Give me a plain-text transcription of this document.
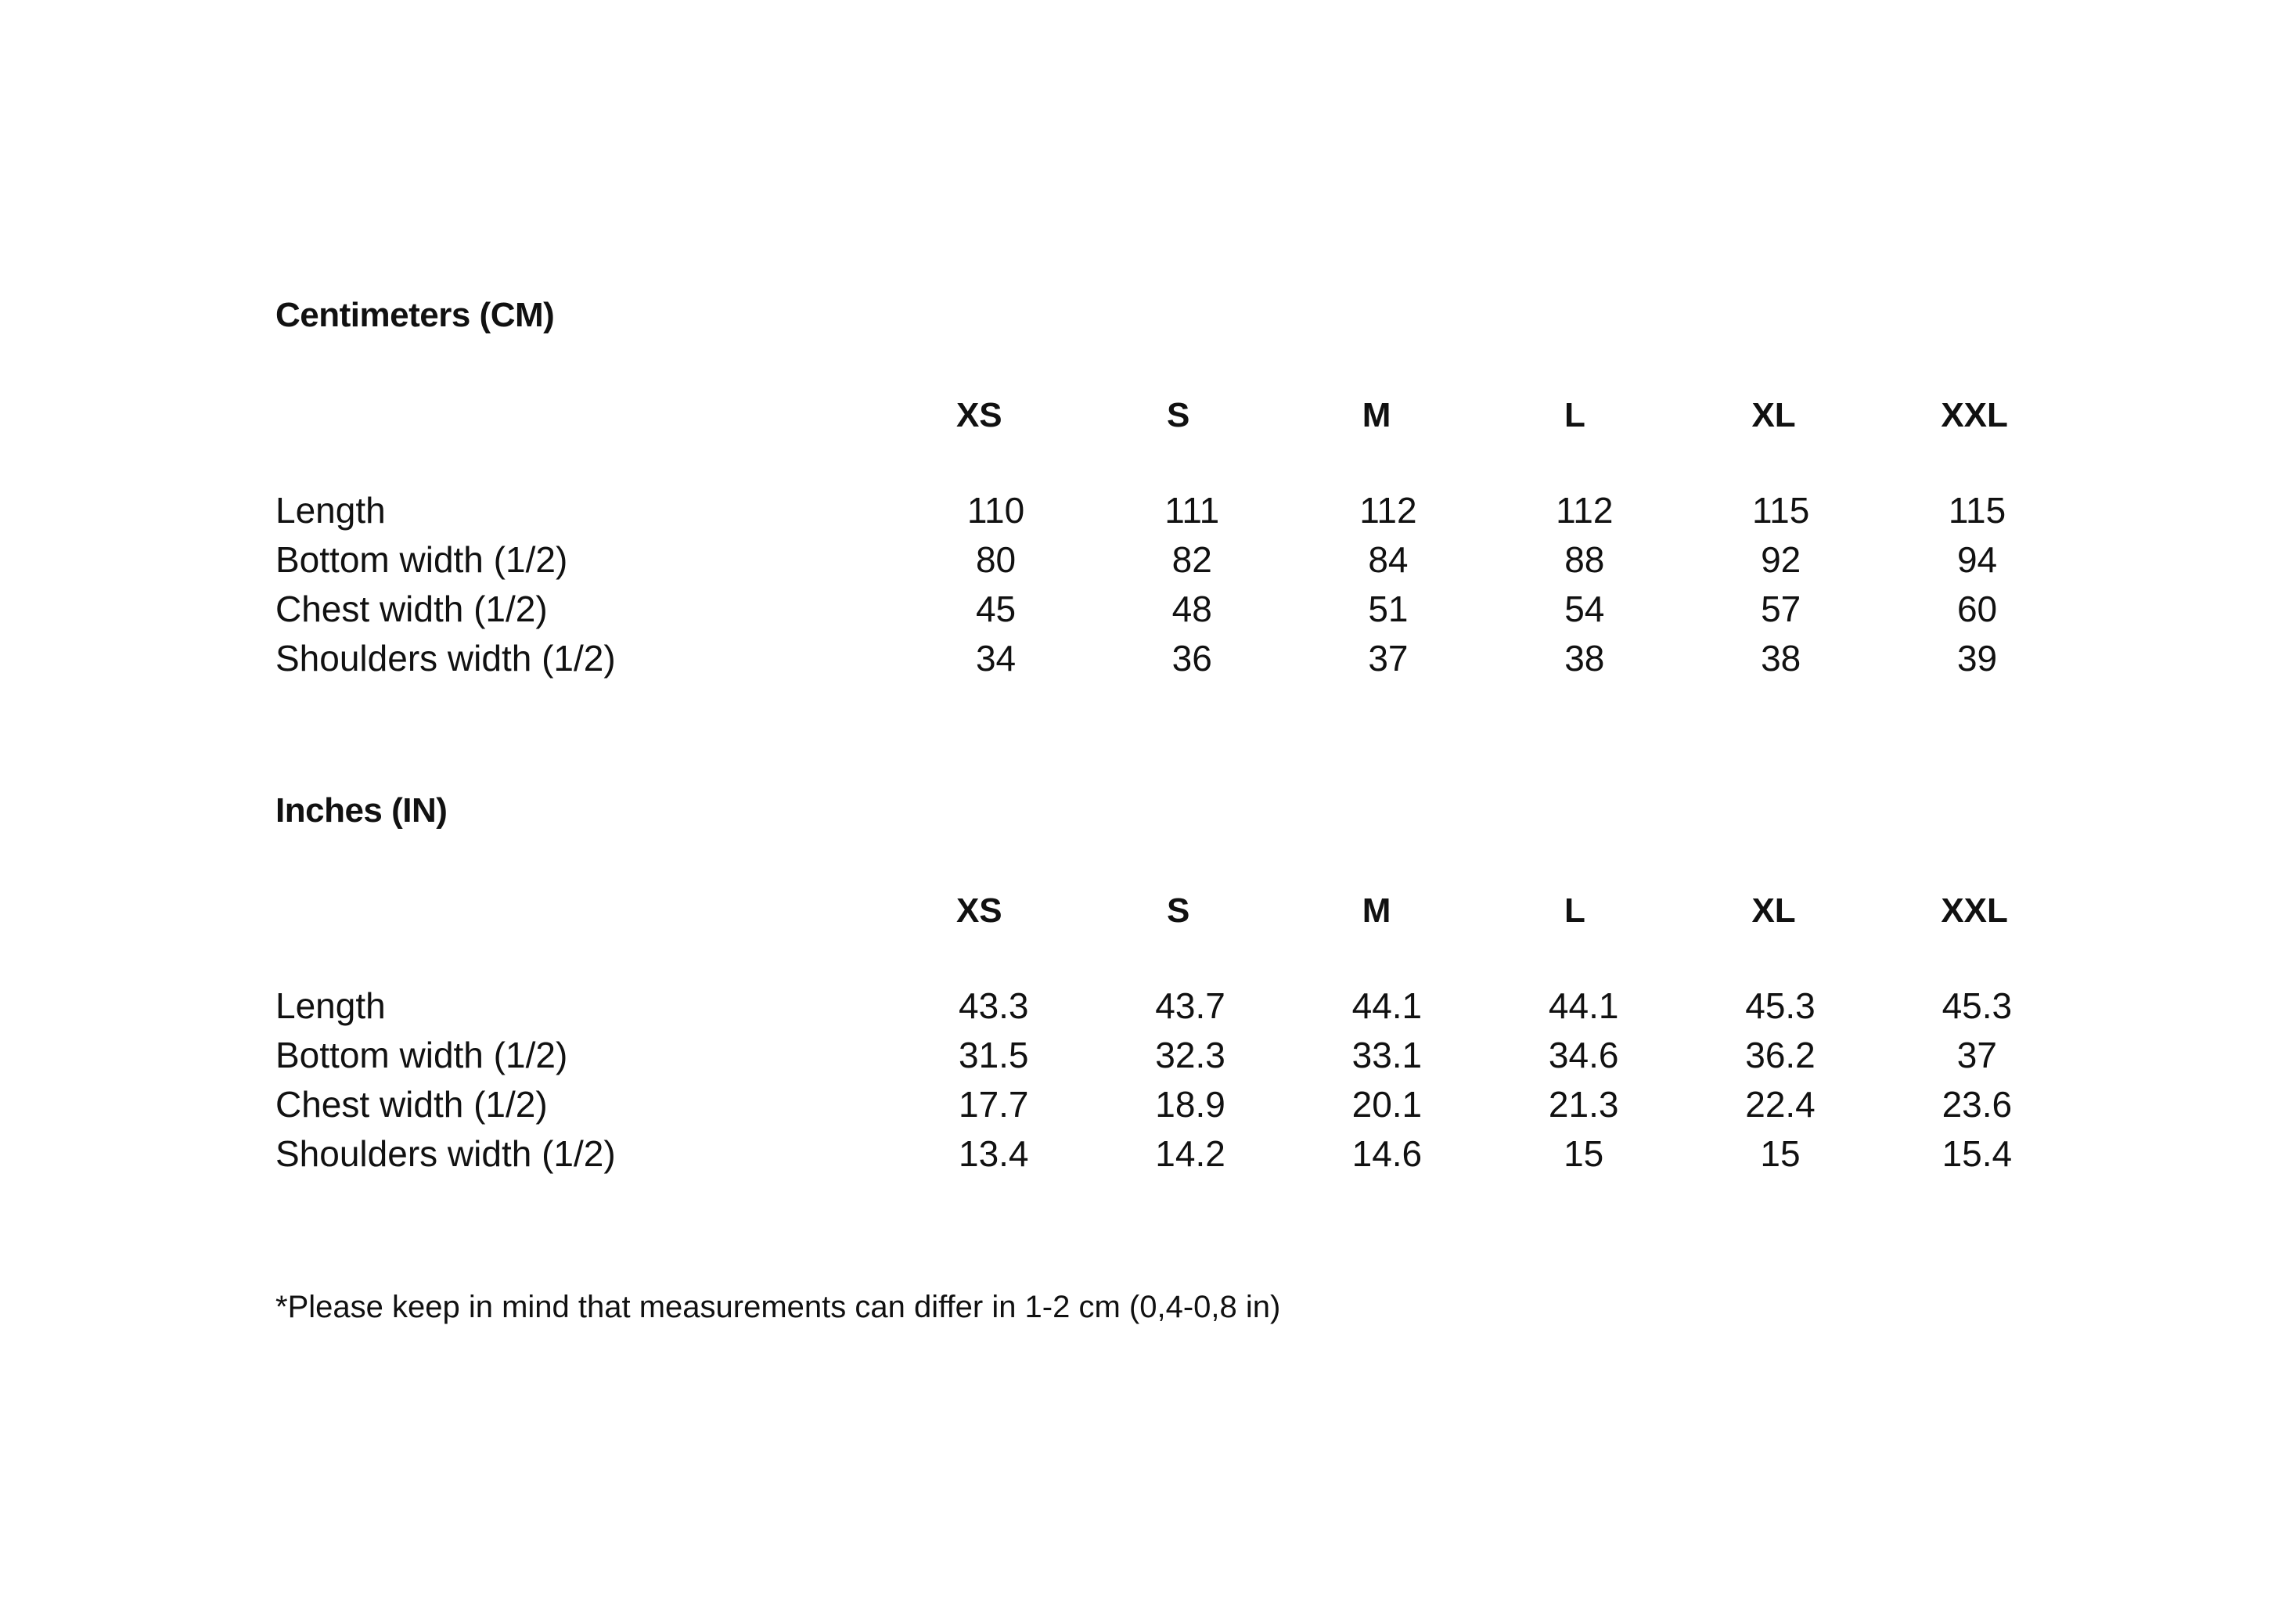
Centimeters (CM)
	XS	S	M	L	XL	XXL
Length	110	111	112	112	115	115
Bottom width (1/2)	80	82	84	88	92	94
Chest width (1/2)	45	48	51	54	57	60
Shoulders width (1/2)	34	36	37	38	38	39
Inches (IN)
	XS	S	M	L	XL	XXL
Length	43.3	43.7	44.1	44.1	45.3	45.3
Bottom width (1/2)	31.5	32.3	33.1	34.6	36.2	37
Chest width (1/2)	17.7	18.9	20.1	21.3	22.4	23.6
Shoulders width (1/2)	13.4	14.2	14.6	15	15	15.4

*Please keep in mind that measurements can differ in 1-2 cm (0,4-0,8 in)
